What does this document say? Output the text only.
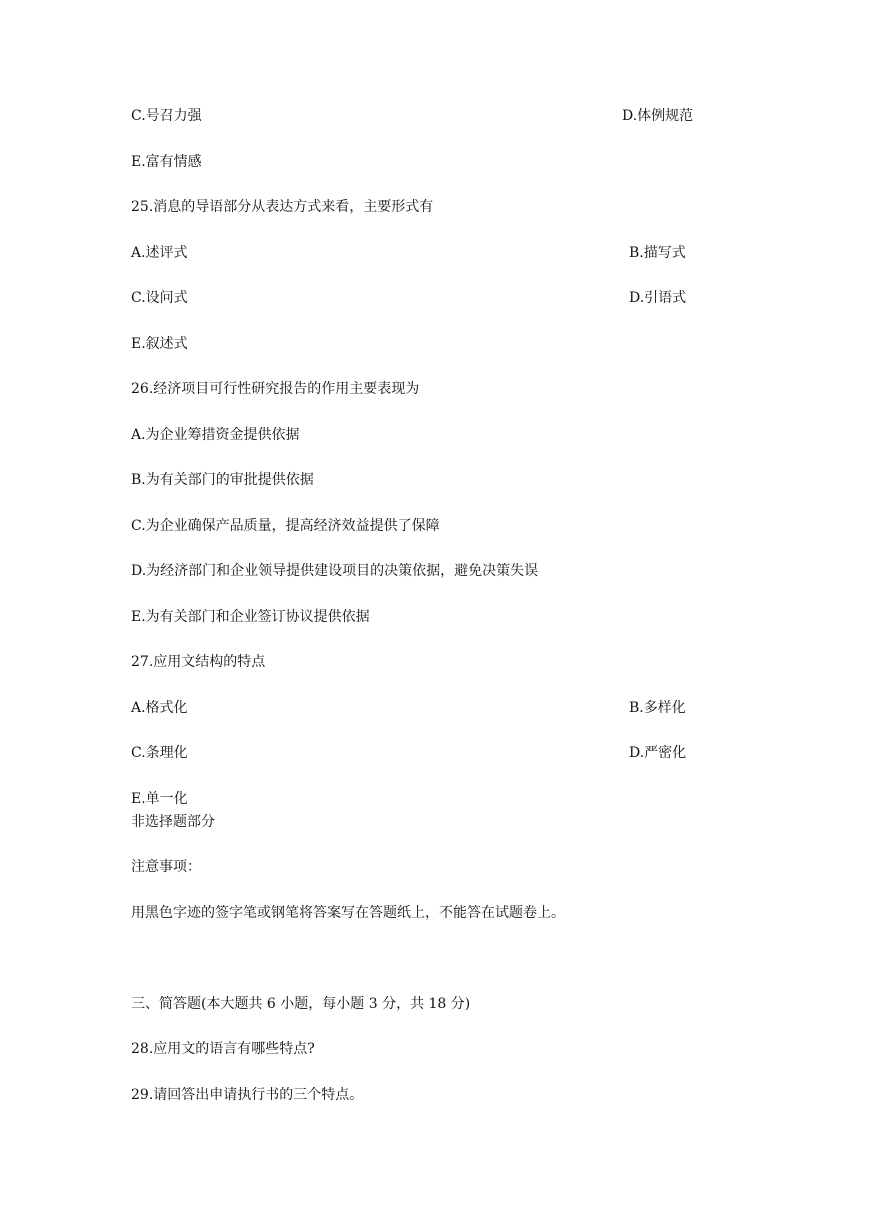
C.号召力强	D.体例规范
E.富有情感
25.消息的导语部分从表达方式来看，主要形式有
A.述评式	B.描写式
C.设问式	D.引语式
E.叙述式
26.经济项目可行性研究报告的作用主要表现为
A.为企业筹措资金提供依据
B.为有关部门的审批提供依据
C.为企业确保产品质量，提高经济效益提供了保障
D.为经济部门和企业领导提供建设项目的决策依据，避免决策失误
E.为有关部门和企业签订协议提供依据
27.应用文结构的特点
A.格式化	B.多样化
C.条理化	D.严密化
E.单一化
非选择题部分
注意事项：
用黑色字迹的签字笔或钢笔将答案写在答题纸上，不能答在试题卷上。
三、简答题(本大题共 6 小题，每小题 3 分，共 18 分)
28.应用文的语言有哪些特点?
29.请回答出申请执行书的三个特点。
